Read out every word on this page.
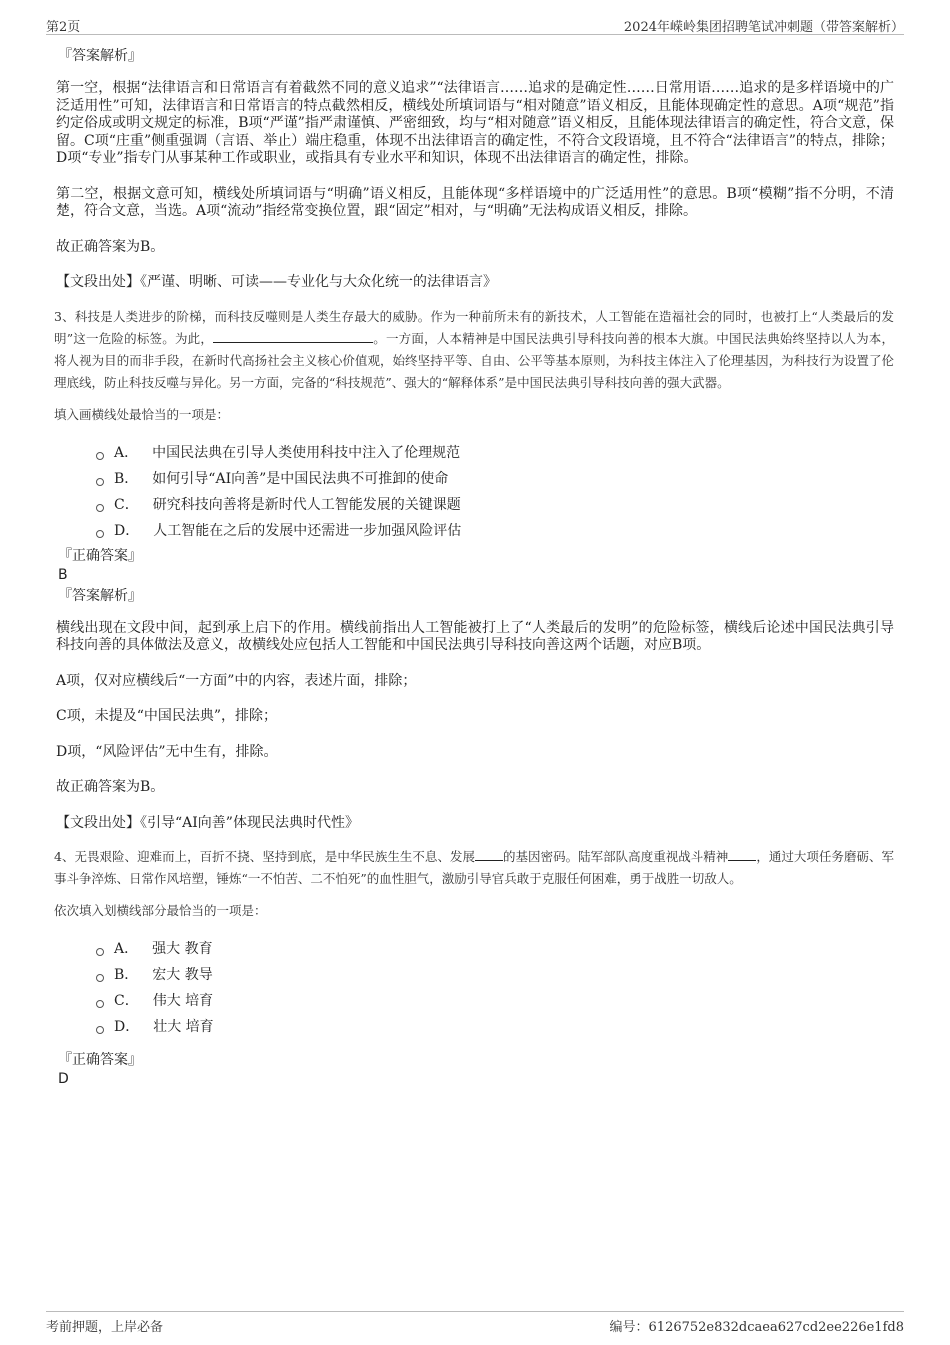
第2页	2024年嵘岭集团招聘笔试冲刺题（带答案解析）
『答案解析』

第一空，根据“法律语言和日常语言有着截然不同的意义追求”“法律语言……追求的是确定性……日常用语……追求的是多样语境中的广泛适用性”可知，法律语言和日常语言的特点截然相反，横线处所填词语与“相对随意”语义相反，且能体现确定性的意思。A项“规范”指约定俗成或明文规定的标准，B项“严谨”指严肃谨慎、严密细致，均与“相对随意”语义相反，且能体现法律语言的确定性，符合文意，保留。C项“庄重”侧重强调（言语、举止）端庄稳重，体现不出法律语言的确定性，不符合文段语境，且不符合“法律语言”的特点，排除；D项“专业”指专门从事某种工作或职业，或指具有专业水平和知识，体现不出法律语言的确定性，排除。

第二空，根据文意可知，横线处所填词语与“明确”语义相反，且能体现“多样语境中的广泛适用性”的意思。B项“模糊”指不分明，不清楚，符合文意，当选。A项“流动”指经常变换位置，跟“固定”相对，与“明确”无法构成语义相反，排除。

故正确答案为B。

【文段出处】《严谨、明晰、可读——专业化与大众化统一的法律语言》

3、科技是人类进步的阶梯，而科技反噬则是人类生存最大的威胁。作为一种前所未有的新技术，人工智能在造福社会的同时，也被打上“人类最后的发明”这一危险的标签。为此，	。一方面，人本精神是中国民法典引导科技向善的根本大旗。中国民法典始终坚持以人为本，将人视为目的而非手段，在新时代高扬社会主义核心价值观，始终坚持平等、自由、公平等基本原则，为科技主体注入了伦理基因，为科技行为设置了伦理底线，防止科技反噬与异化。另一方面，完备的“科技规范”、强大的“解释体系”是中国民法典引导科技向善的强大武器。

填入画横线处最恰当的一项是：

A． 中国民法典在引导人类使用科技中注入了伦理规范
B． 如何引导“AI向善”是中国民法典不可推卸的使命
C． 研究科技向善将是新时代人工智能发展的关键课题
D． 人工智能在之后的发展中还需进一步加强风险评估
『正确答案』
B
『答案解析』

横线出现在文段中间，起到承上启下的作用。横线前指出人工智能被打上了“人类最后的发明”的危险标签，横线后论述中国民法典引导科技向善的具体做法及意义，故横线处应包括人工智能和中国民法典引导科技向善这两个话题，对应B项。

A项，仅对应横线后“一方面”中的内容，表述片面，排除；

C项，未提及“中国民法典”，排除；

D项，“风险评估”无中生有，排除。

故正确答案为B。

【文段出处】《引导“AI向善”体现民法典时代性》

4、无畏艰险、迎难而上，百折不挠、坚持到底，是中华民族生生不息、发展 的基因密码。陆军部队高度重视战斗精神 ，通过大项任务磨砺、军事斗争淬炼、日常作风培塑，锤炼“一不怕苦、二不怕死”的血性胆气，激励引导官兵敢于克服任何困难，勇于战胜一切敌人。

依次填入划横线部分最恰当的一项是：

A． 强大 教育
B． 宏大 教导
C． 伟大 培育
D． 壮大 培育
『正确答案』
D
考前押题，上岸必备	编号：6126752e832dcaea627cd2ee226e1fd8
